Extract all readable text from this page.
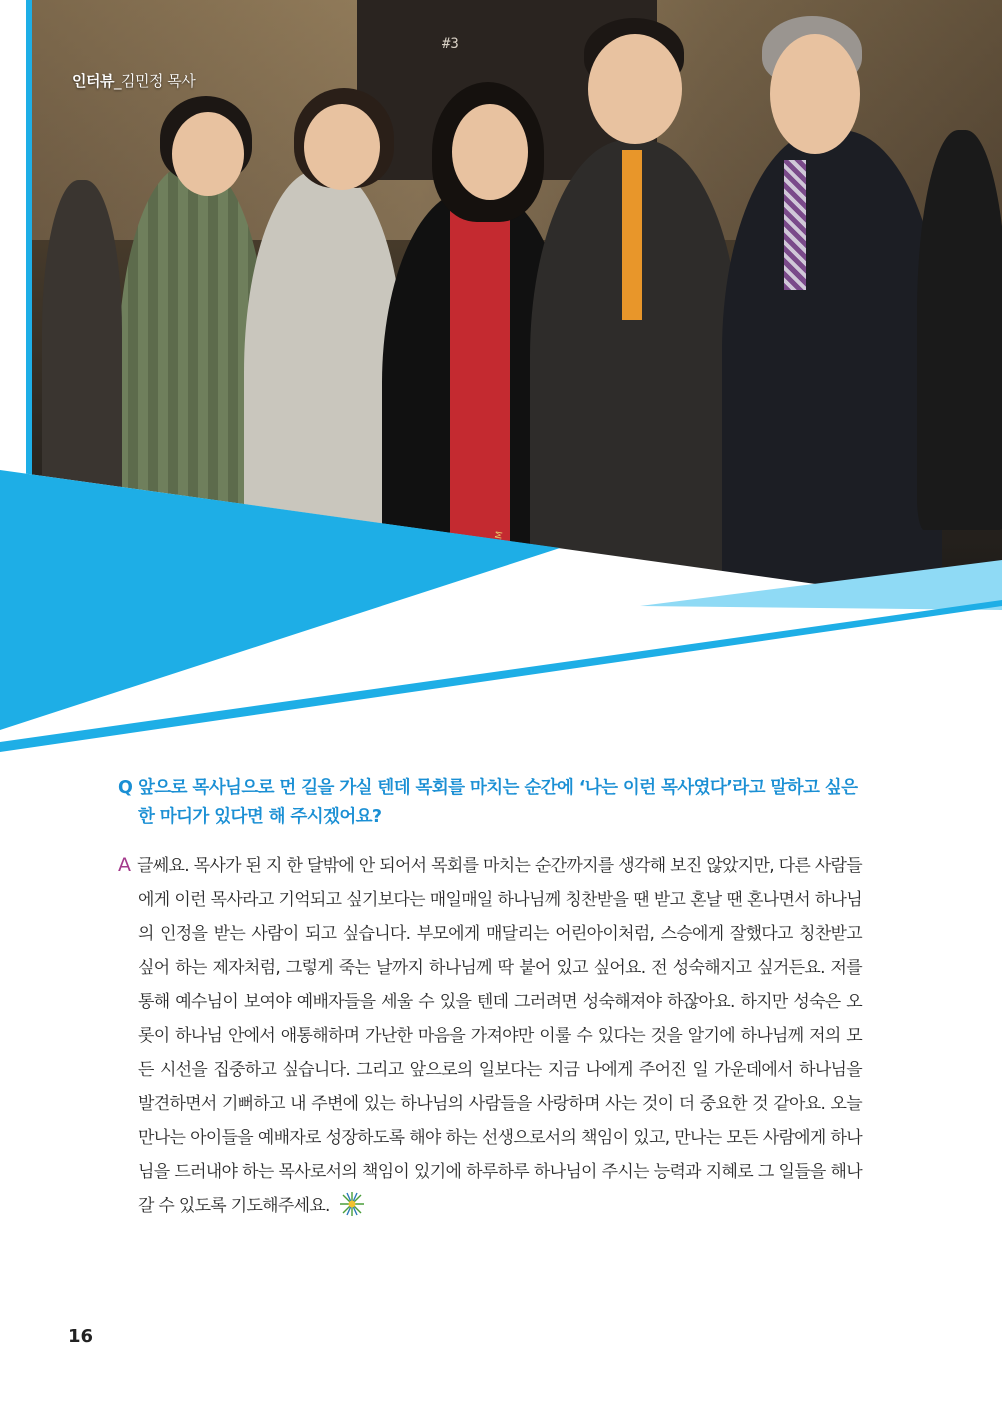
#3
인터뷰_김민정 목사
Q 앞으로 목사님으로 먼 길을 가실 텐데 목회를 마치는 순간에 ‘나는 이런 목사였다’라고 말하고 싶은
한 마디가 있다면 해 주시겠어요?
A 글쎄요. 목사가 된 지 한 달밖에 안 되어서 목회를 마치는 순간까지를 생각해 보진 않았지만, 다른 사람들에게 이런 목사라고 기억되고 싶기보다는 매일매일 하나님께 칭찬받을 땐 받고 혼날 땐 혼나면서 하나님의 인정을 받는 사람이 되고 싶습니다. 부모에게 매달리는 어린아이처럼, 스승에게 잘했다고 칭찬받고 싶어 하는 제자처럼, 그렇게 죽는 날까지 하나님께 딱 붙어 있고 싶어요. 전 성숙해지고 싶거든요. 저를 통해 예수님이 보여야 예배자들을 세울 수 있을 텐데 그러려면 성숙해져야 하잖아요. 하지만 성숙은 오롯이 하나님 안에서 애통해하며 가난한 마음을 가져야만 이룰 수 있다는 것을 알기에 하나님께 저의 모든 시선을 집중하고 싶습니다. 그리고 앞으로의 일보다는 지금 나에게 주어진 일 가운데에서 하나님을 발견하면서 기뻐하고 내 주변에 있는 하나님의 사람들을 사랑하며 사는 것이 더 중요한 것 같아요. 오늘 만나는 아이들을 예배자로 성장하도록 해야 하는 선생으로서의 책임이 있고, 만나는 모든 사람에게 하나님을 드러내야 하는 목사로서의 책임이 있기에 하루하루 하나님이 주시는 능력과 지혜로 그 일들을 해나갈 수 있도록 기도해주세요.
16
